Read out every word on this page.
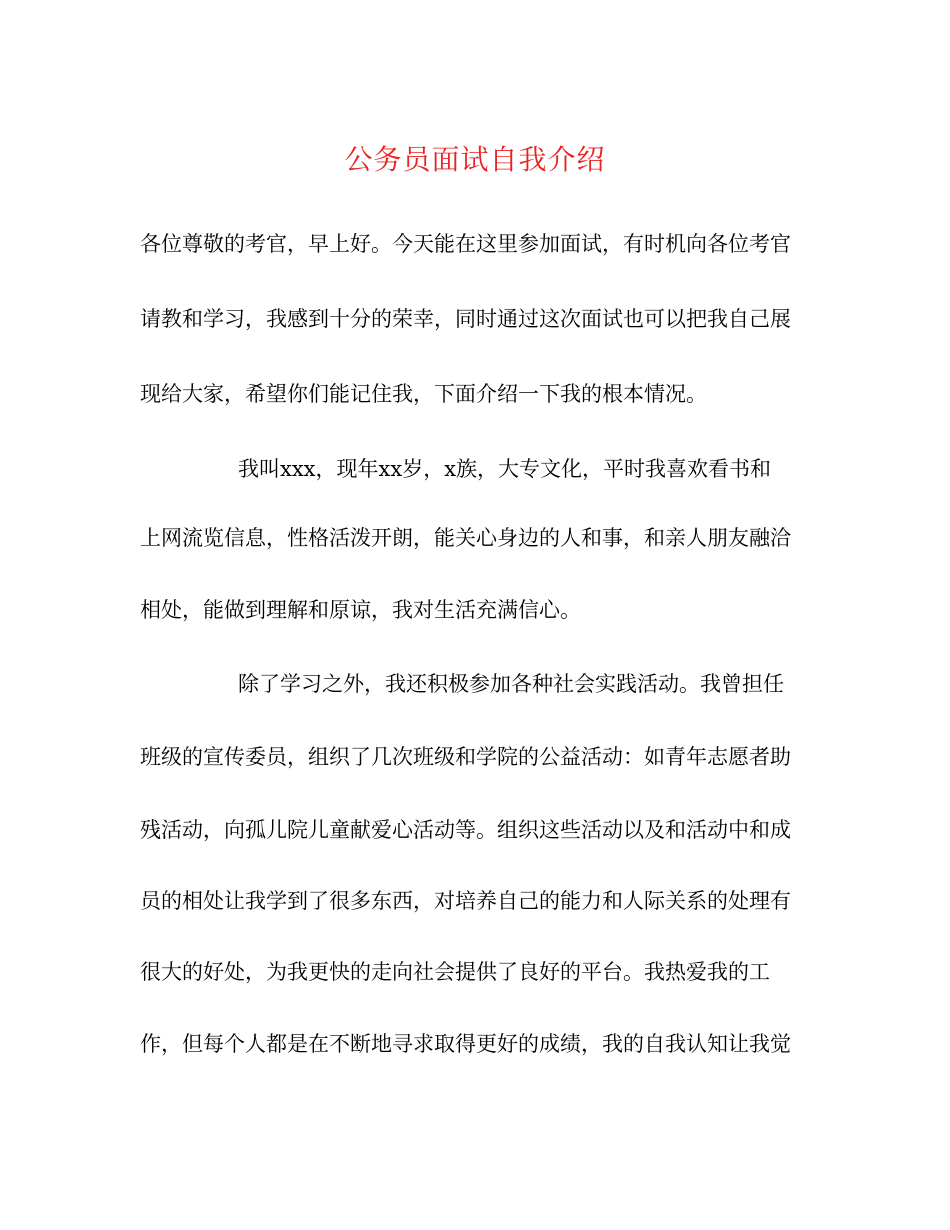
公务员面试自我介绍

各位尊敬的考官，早上好。今天能在这里参加面试，有时机向各位考官

请教和学习，我感到十分的荣幸，同时通过这次面试也可以把我自己展

现给大家，希望你们能记住我，下面介绍一下我的根本情况。

我叫xxx，现年xx岁，x族，大专文化，平时我喜欢看书和

上网流览信息，性格活泼开朗，能关心身边的人和事，和亲人朋友融洽

相处，能做到理解和原谅，我对生活充满信心。

除了学习之外，我还积极参加各种社会实践活动。我曾担任

班级的宣传委员，组织了几次班级和学院的公益活动：如青年志愿者助

残活动，向孤儿院儿童献爱心活动等。组织这些活动以及和活动中和成

员的相处让我学到了很多东西，对培养自己的能力和人际关系的处理有

很大的好处，为我更快的走向社会提供了良好的平台。我热爱我的工

作，但每个人都是在不断地寻求取得更好的成绩，我的自我认知让我觉
